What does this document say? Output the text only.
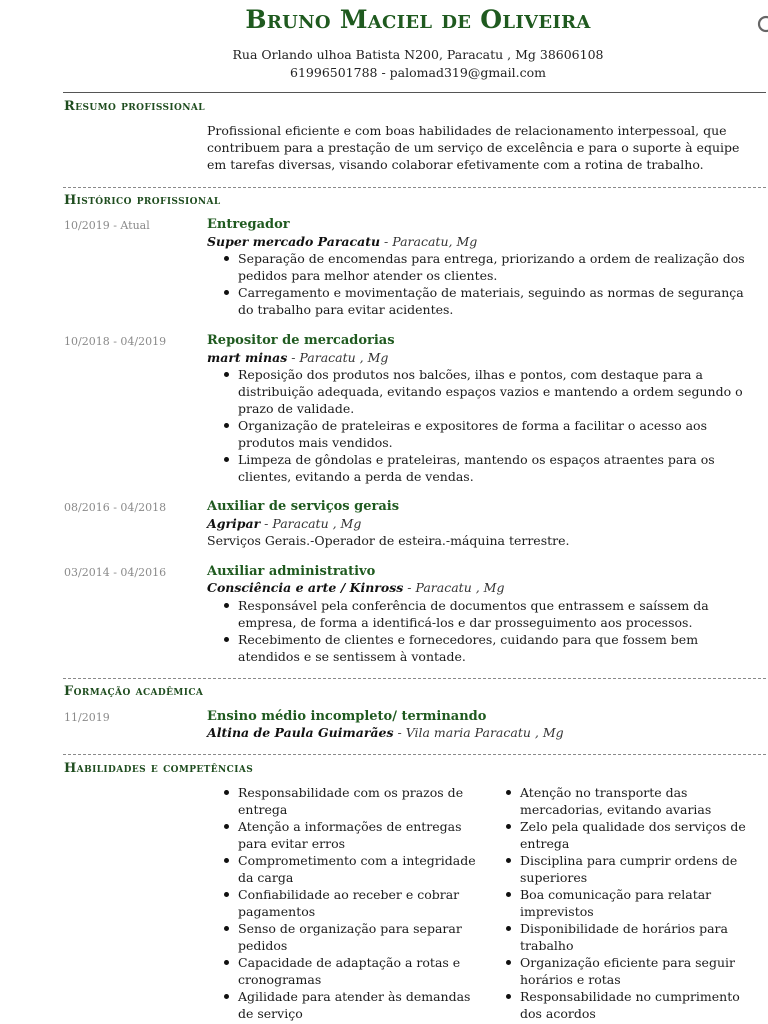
Bruno Maciel de Oliveira
Rua Orlando ulhoa Batista N200, Paracatu , Mg 38606108
61996501788 - palomad319@gmail.com
Resumo profissional
Profissional eficiente e com boas habilidades de relacionamento interpessoal, que contribuem para a prestação de um serviço de excelência e para o suporte à equipe em tarefas diversas, visando colaborar efetivamente com a rotina de trabalho.
Histórico profissional
10/2019 - Atual	Entregador
Super mercado Paracatu - Paracatu, Mg
Separação de encomendas para entrega, priorizando a ordem de realização dos pedidos para melhor atender os clientes.
Carregamento e movimentação de materiais, seguindo as normas de segurança do trabalho para evitar acidentes.
10/2018 - 04/2019	Repositor de mercadorias
mart minas - Paracatu , Mg
Reposição dos produtos nos balcões, ilhas e pontos, com destaque para a distribuição adequada, evitando espaços vazios e mantendo a ordem segundo o prazo de validade.
Organização de prateleiras e expositores de forma a facilitar o acesso aos produtos mais vendidos.
Limpeza de gôndolas e prateleiras, mantendo os espaços atraentes para os clientes, evitando a perda de vendas.
08/2016 - 04/2018	Auxiliar de serviços gerais
Agripar - Paracatu , Mg
Serviços Gerais.-Operador de esteira.-máquina terrestre.
03/2014 - 04/2016	Auxiliar administrativo
Consciência e arte / Kinross - Paracatu , Mg
Responsável pela conferência de documentos que entrassem e saíssem da empresa, de forma a identificá-los e dar prosseguimento aos processos.
Recebimento de clientes e fornecedores, cuidando para que fossem bem atendidos e se sentissem à vontade.
Formação acadêmica
11/2019	Ensino médio incompleto/ terminando
Altina de Paula Guimarães - Vila maria Paracatu , Mg
Habilidades e competências
Responsabilidade com os prazos de entrega
Atenção a informações de entregas para evitar erros
Comprometimento com a integridade da carga
Confiabilidade ao receber e cobrar pagamentos
Senso de organização para separar pedidos
Capacidade de adaptação a rotas e cronogramas
Agilidade para atender às demandas de serviço
Atenção no transporte das mercadorias, evitando avarias
Zelo pela qualidade dos serviços de entrega
Disciplina para cumprir ordens de superiores
Boa comunicação para relatar imprevistos
Disponibilidade de horários para trabalho
Organização eficiente para seguir horários e rotas
Responsabilidade no cumprimento dos acordos
